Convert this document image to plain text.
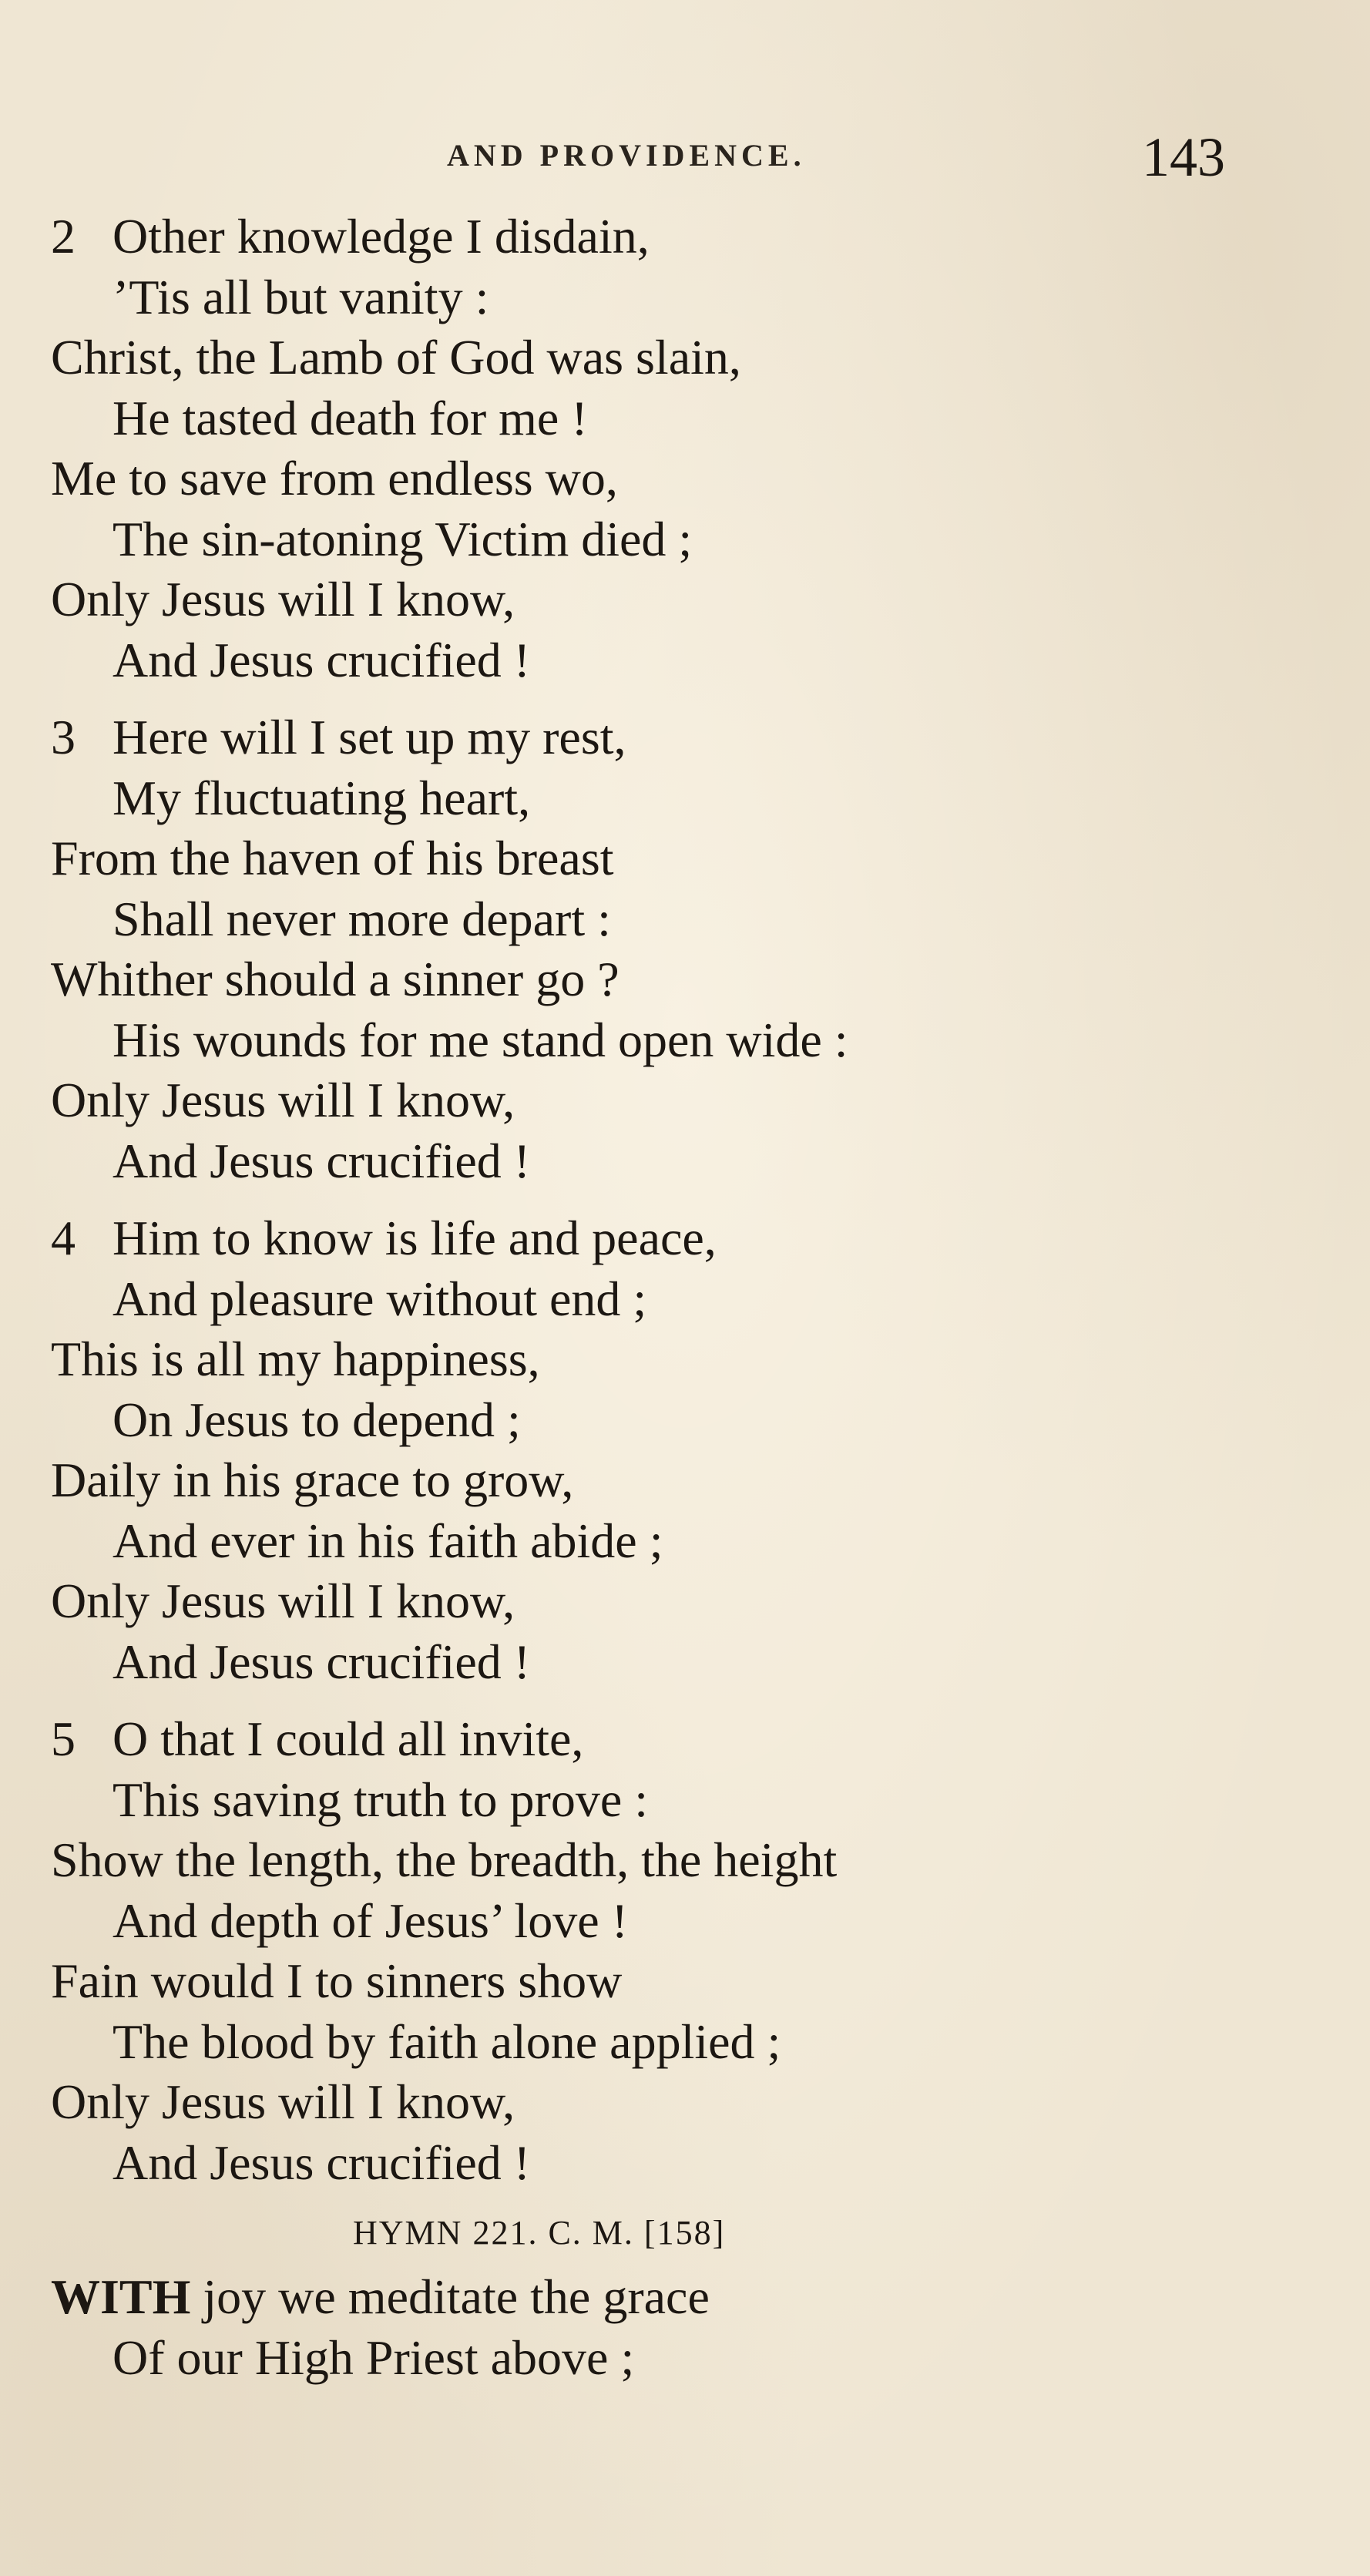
AND PROVIDENCE.	143
2 Other knowledge I disdain,
’Tis all but vanity :
Christ, the Lamb of God was slain,
He tasted death for me !
Me to save from endless wo,
The sin-atoning Victim died ;
Only Jesus will I know,
And Jesus crucified !
3 Here will I set up my rest,
My fluctuating heart,
From the haven of his breast
Shall never more depart :
Whither should a sinner go ?
His wounds for me stand open wide :
Only Jesus will I know,
And Jesus crucified !
4 Him to know is life and peace,
And pleasure without end ;
This is all my happiness,
On Jesus to depend ;
Daily in his grace to grow,
And ever in his faith abide ;
Only Jesus will I know,
And Jesus crucified !
5 O that I could all invite,
This saving truth to prove :
Show the length, the breadth, the height
And depth of Jesus’ love !
Fain would I to sinners show
The blood by faith alone applied ;
Only Jesus will I know,
And Jesus crucified !
HYMN 221. C. M. [158]
WITH joy we meditate the grace
Of our High Priest above ;
